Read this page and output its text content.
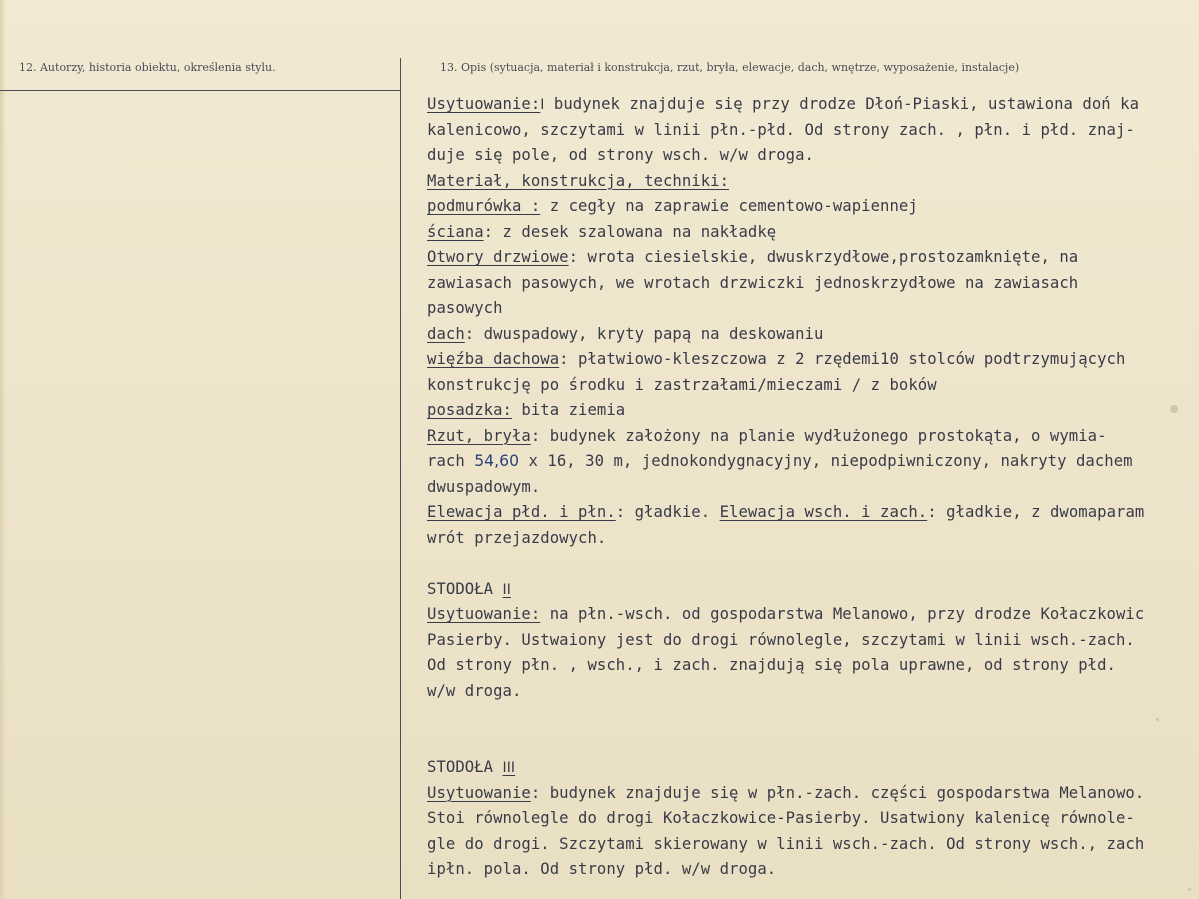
12. Autorzy, historia obiektu, określenia stylu.	13. Opis (sytuacja, materiał i konstrukcja, rzut, bryła, elewacje, dach, wnętrze, wyposażenie, instalacje)
Usytuowanie:I budynek znajduje się przy drodze Dłoń-Piaski, ustawiona doń ka
kalenicowo, szczytami w linii płn.-płd. Od strony zach. , płn. i płd. znaj-
duje się pole, od strony wsch. w/w droga.
Materiał, konstrukcja, techniki:
podmurówka : z cegły na zaprawie cementowo-wapiennej
ściana: z desek szalowana na nakładkę
Otwory drzwiowe: wrota ciesielskie, dwuskrzydłowe,prostozamknięte, na
zawiasach pasowych, we wrotach drzwiczki jednoskrzydłowe na zawiasach
pasowych
dach: dwuspadowy, kryty papą na deskowaniu
więźba dachowa: płatwiowo-kleszczowa z 2 rzędemi10 stolców podtrzymujących
konstrukcję po środku i zastrzałami/mieczami / z boków
posadzka: bita ziemia
Rzut, bryła: budynek założony na planie wydłużonego prostokąta, o wymia-
rach 54,60 x 16, 30 m, jednokondygnacyjny, niepodpiwniczony, nakryty dachem
dwuspadowym.
Elewacja płd. i płn.: gładkie. Elewacja wsch. i zach.: gładkie, z dwomaparam
wrót przejazdowych.
STODOŁA II
Usytuowanie: na płn.-wsch. od gospodarstwa Melanowo, przy drodze Kołaczkowic
Pasierby. Ustwaiony jest do drogi równolegle, szczytami w linii wsch.-zach.
Od strony płn. , wsch., i zach. znajdują się pola uprawne, od strony płd.
w/w droga.
STODOŁA III
Usytuowanie: budynek znajduje się w płn.-zach. części gospodarstwa Melanowo.
Stoi równolegle do drogi Kołaczkowice-Pasierby. Usatwiony kalenicę równole-
gle do drogi. Szczytami skierowany w linii wsch.-zach. Od strony wsch., zach
ipłn. pola. Od strony płd. w/w droga.
